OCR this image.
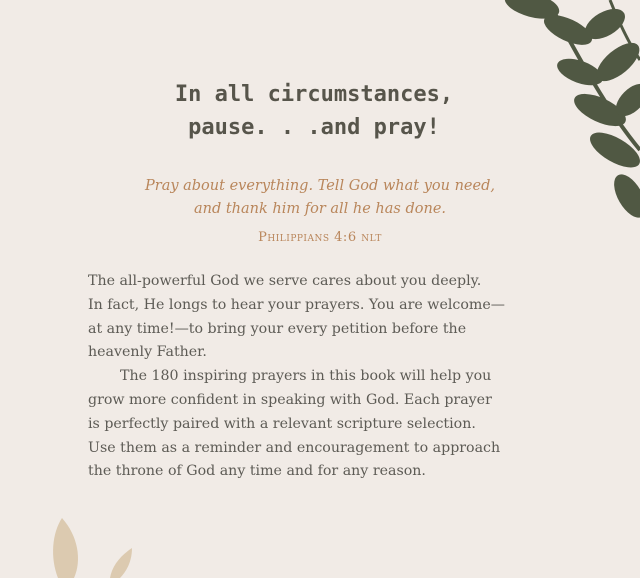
In all circumstances,
pause. . .and pray!
Pray about everything. Tell God what you need,
and thank him for all he has done.
Philippians 4:6 nlt
The all-powerful God we serve cares about you deeply.
In fact, He longs to hear your prayers. You are welcome—
at any time!—to bring your every petition before the
heavenly Father.
The 180 inspiring prayers in this book will help you
grow more confident in speaking with God. Each prayer
is perfectly paired with a relevant scripture selection.
Use them as a reminder and encouragement to approach
the throne of God any time and for any reason.
